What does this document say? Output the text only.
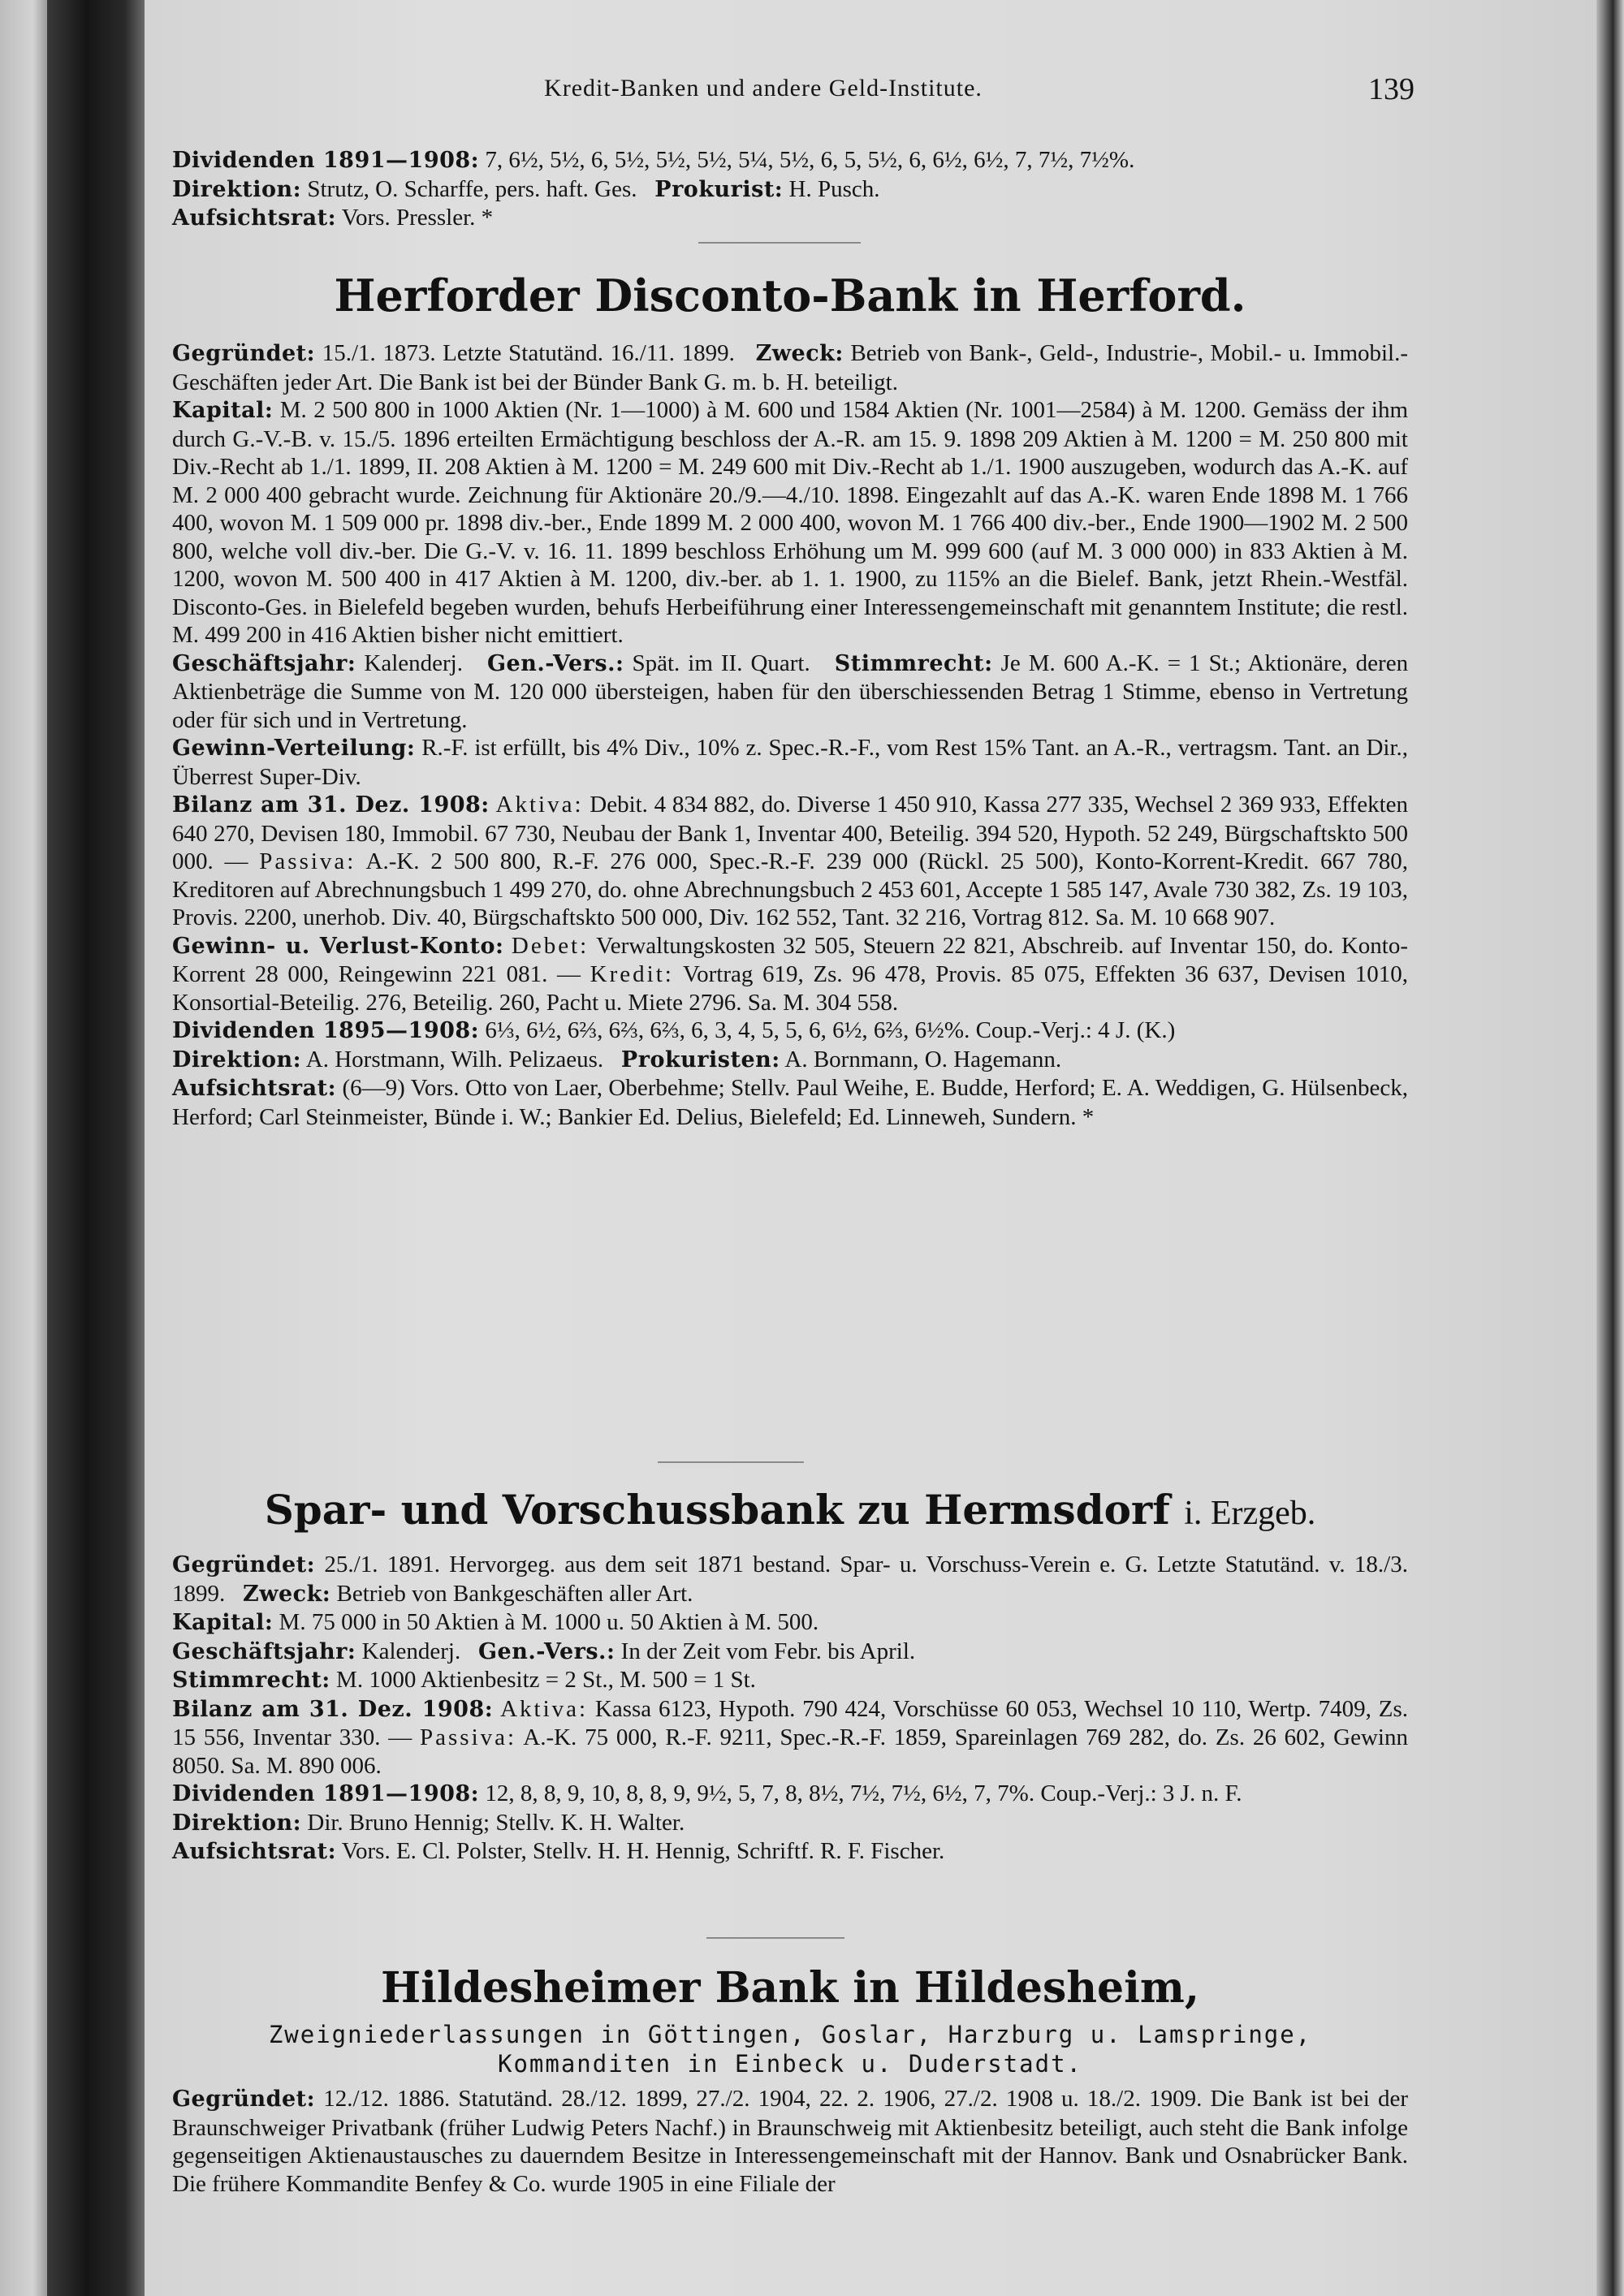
Kredit-Banken und andere Geld-Institute.	139

Dividenden 1891—1908: 7, 6½, 5½, 6, 5½, 5½, 5½, 5¼, 5½, 6, 5, 5½, 6, 6½, 6½, 7, 7½, 7½%.

Direktion: Strutz, O. Scharffe, pers. haft. Ges. Prokurist: H. Pusch.

Aufsichtsrat: Vors. Pressler. *

Herforder Disconto-Bank in Herford.

Gegründet: 15./1. 1873. Letzte Statutänd. 16./11. 1899. Zweck: Betrieb von Bank-, Geld-, Industrie-, Mobil.- u. Immobil.-Geschäften jeder Art. Die Bank ist bei der Bünder Bank G. m. b. H. beteiligt.

Kapital: M. 2 500 800 in 1000 Aktien (Nr. 1—1000) à M. 600 und 1584 Aktien (Nr. 1001—2584) à M. 1200. Gemäss der ihm durch G.-V.-B. v. 15./5. 1896 erteilten Ermächtigung beschloss der A.-R. am 15. 9. 1898 209 Aktien à M. 1200 = M. 250 800 mit Div.-Recht ab 1./1. 1899, II. 208 Aktien à M. 1200 = M. 249 600 mit Div.-Recht ab 1./1. 1900 auszugeben, wodurch das A.-K. auf M. 2 000 400 gebracht wurde. Zeichnung für Aktionäre 20./9.—4./10. 1898. Eingezahlt auf das A.-K. waren Ende 1898 M. 1 766 400, wovon M. 1 509 000 pr. 1898 div.-ber., Ende 1899 M. 2 000 400, wovon M. 1 766 400 div.-ber., Ende 1900—1902 M. 2 500 800, welche voll div.-ber. Die G.-V. v. 16. 11. 1899 beschloss Erhöhung um M. 999 600 (auf M. 3 000 000) in 833 Aktien à M. 1200, wovon M. 500 400 in 417 Aktien à M. 1200, div.-ber. ab 1. 1. 1900, zu 115% an die Bielef. Bank, jetzt Rhein.-Westfäl. Disconto-Ges. in Bielefeld begeben wurden, behufs Herbeiführung einer Interessengemeinschaft mit genanntem Institute; die restl. M. 499 200 in 416 Aktien bisher nicht emittiert.

Geschäftsjahr: Kalenderj. Gen.-Vers.: Spät. im II. Quart. Stimmrecht: Je M. 600 A.-K. = 1 St.; Aktionäre, deren Aktienbeträge die Summe von M. 120 000 übersteigen, haben für den überschiessenden Betrag 1 Stimme, ebenso in Vertretung oder für sich und in Vertretung.

Gewinn-Verteilung: R.-F. ist erfüllt, bis 4% Div., 10% z. Spec.-R.-F., vom Rest 15% Tant. an A.-R., vertragsm. Tant. an Dir., Überrest Super-Div.

Bilanz am 31. Dez. 1908: Aktiva: Debit. 4 834 882, do. Diverse 1 450 910, Kassa 277 335, Wechsel 2 369 933, Effekten 640 270, Devisen 180, Immobil. 67 730, Neubau der Bank 1, Inventar 400, Beteilig. 394 520, Hypoth. 52 249, Bürgschaftskto 500 000. — Passiva: A.-K. 2 500 800, R.-F. 276 000, Spec.-R.-F. 239 000 (Rückl. 25 500), Konto-Korrent-Kredit. 667 780, Kreditoren auf Abrechnungsbuch 1 499 270, do. ohne Abrechnungsbuch 2 453 601, Accepte 1 585 147, Avale 730 382, Zs. 19 103, Provis. 2200, unerhob. Div. 40, Bürgschaftskto 500 000, Div. 162 552, Tant. 32 216, Vortrag 812. Sa. M. 10 668 907.

Gewinn- u. Verlust-Konto: Debet: Verwaltungskosten 32 505, Steuern 22 821, Abschreib. auf Inventar 150, do. Konto-Korrent 28 000, Reingewinn 221 081. — Kredit: Vortrag 619, Zs. 96 478, Provis. 85 075, Effekten 36 637, Devisen 1010, Konsortial-Beteilig. 276, Beteilig. 260, Pacht u. Miete 2796. Sa. M. 304 558.

Dividenden 1895—1908: 6⅓, 6½, 6⅔, 6⅔, 6⅔, 6, 3, 4, 5, 5, 6, 6½, 6⅔, 6½%. Coup.-Verj.: 4 J. (K.)

Direktion: A. Horstmann, Wilh. Pelizaeus. Prokuristen: A. Bornmann, O. Hagemann.

Aufsichtsrat: (6—9) Vors. Otto von Laer, Oberbehme; Stellv. Paul Weihe, E. Budde, Herford; E. A. Weddigen, G. Hülsenbeck, Herford; Carl Steinmeister, Bünde i. W.; Bankier Ed. Delius, Bielefeld; Ed. Linneweh, Sundern. *

Spar- und Vorschussbank zu Hermsdorf i. Erzgeb.

Gegründet: 25./1. 1891. Hervorgeg. aus dem seit 1871 bestand. Spar- u. Vorschuss-Verein e. G. Letzte Statutänd. v. 18./3. 1899. Zweck: Betrieb von Bankgeschäften aller Art.

Kapital: M. 75 000 in 50 Aktien à M. 1000 u. 50 Aktien à M. 500.

Geschäftsjahr: Kalenderj. Gen.-Vers.: In der Zeit vom Febr. bis April.

Stimmrecht: M. 1000 Aktienbesitz = 2 St., M. 500 = 1 St.

Bilanz am 31. Dez. 1908: Aktiva: Kassa 6123, Hypoth. 790 424, Vorschüsse 60 053, Wechsel 10 110, Wertp. 7409, Zs. 15 556, Inventar 330. — Passiva: A.-K. 75 000, R.-F. 9211, Spec.-R.-F. 1859, Spareinlagen 769 282, do. Zs. 26 602, Gewinn 8050. Sa. M. 890 006.

Dividenden 1891—1908: 12, 8, 8, 9, 10, 8, 8, 9, 9½, 5, 7, 8, 8½, 7½, 7½, 6½, 7, 7%. Coup.-Verj.: 3 J. n. F.

Direktion: Dir. Bruno Hennig; Stellv. K. H. Walter.

Aufsichtsrat: Vors. E. Cl. Polster, Stellv. H. H. Hennig, Schriftf. R. F. Fischer.

Hildesheimer Bank in Hildesheim,
Zweigniederlassungen in Göttingen, Goslar, Harzburg u. Lamspringe,
Kommanditen in Einbeck u. Duderstadt.

Gegründet: 12./12. 1886. Statutänd. 28./12. 1899, 27./2. 1904, 22. 2. 1906, 27./2. 1908 u. 18./2. 1909. Die Bank ist bei der Braunschweiger Privatbank (früher Ludwig Peters Nachf.) in Braunschweig mit Aktienbesitz beteiligt, auch steht die Bank infolge gegenseitigen Aktienaustausches zu dauerndem Besitze in Interessengemeinschaft mit der Hannov. Bank und Osnabrücker Bank. Die frühere Kommandite Benfey & Co. wurde 1905 in eine Filiale der
